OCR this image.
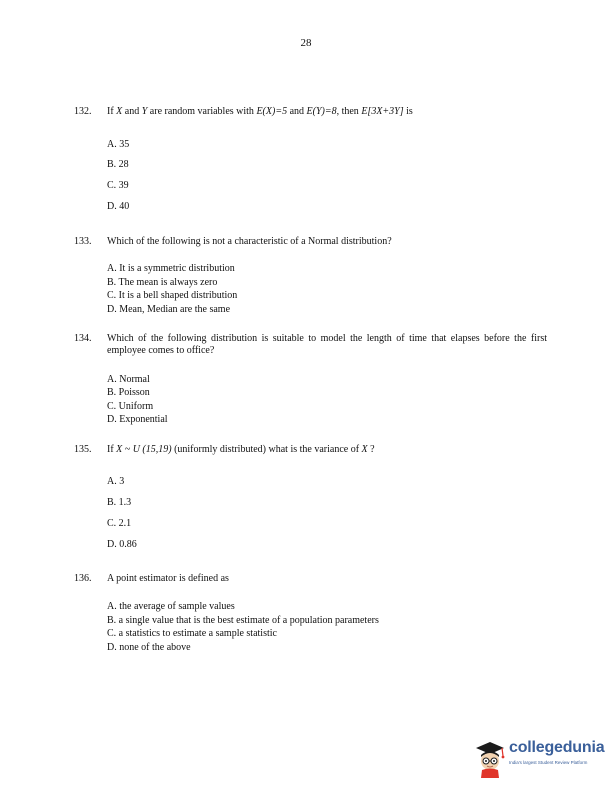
28
132. If X and Y are random variables with E(X)=5 and E(Y)=8, then E[3X+3Y] is
A. 35
B. 28
C. 39
D. 40
133. Which of the following is not a characteristic of a Normal distribution?
A. It is a symmetric distribution
B. The mean is always zero
C. It is a bell shaped distribution
D. Mean, Median are the same
134. Which of the following distribution is suitable to model the length of time that elapses before the first employee comes to office?
A. Normal
B. Poisson
C. Uniform
D. Exponential
135. If X ~ U (15,19) (uniformly distributed) what is the variance of X ?
A. 3
B. 1.3
C. 2.1
D. 0.86
136. A point estimator is defined as
A. the average of sample values
B. a single value that is the best estimate of a population parameters
C. a statistics to estimate a sample statistic
D. none of the above
collegedunia
India's largest Student Review Platform
